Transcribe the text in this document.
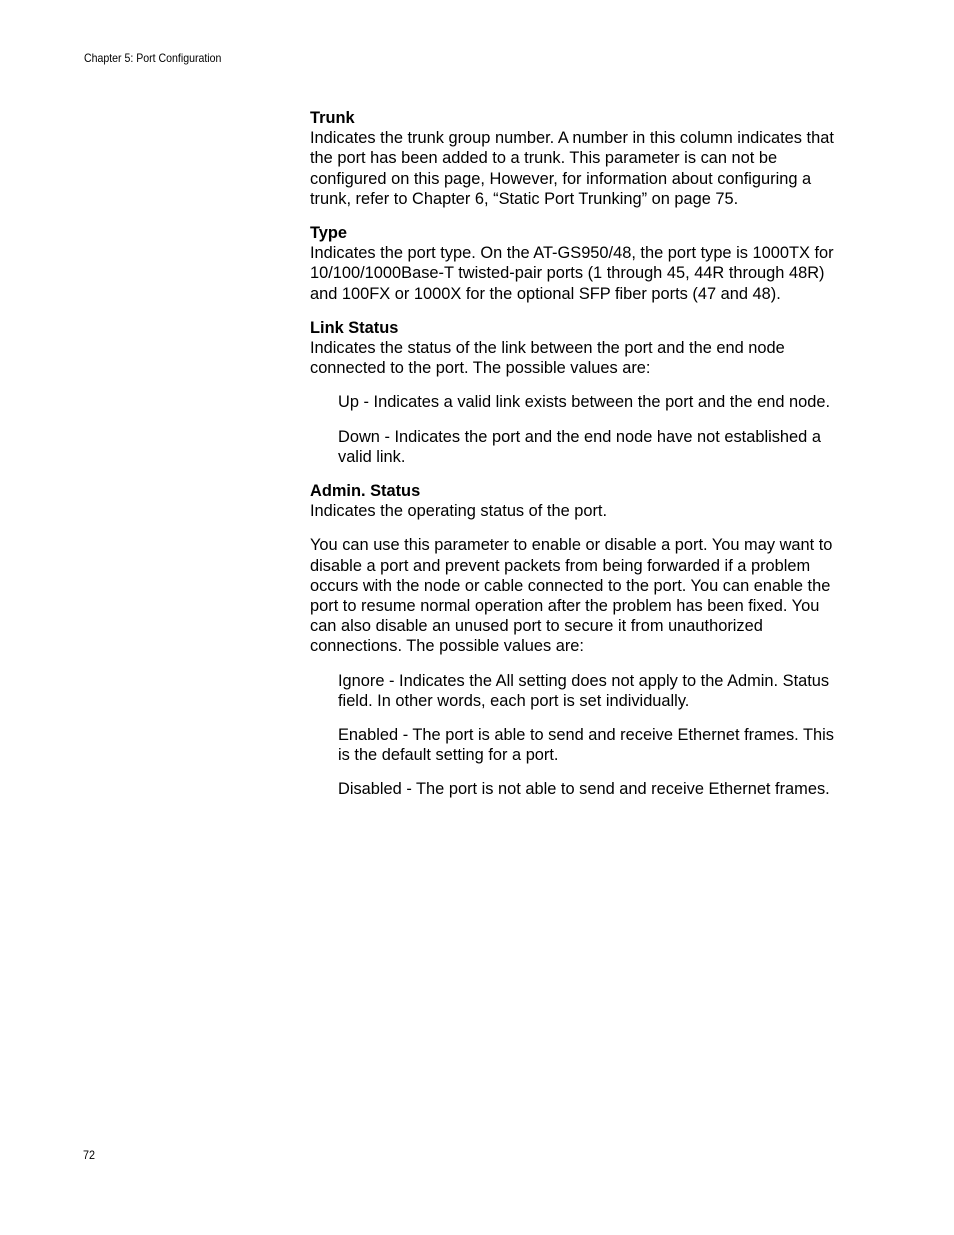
Chapter 5: Port Configuration

Trunk

Indicates the trunk group number. A number in this column indicates that the port has been added to a trunk. This parameter is can not be configured on this page, However, for information about configuring a trunk, refer to Chapter 6, “Static Port Trunking” on page 75.

Type

Indicates the port type. On the AT-GS950/48, the port type is 1000TX for 10/100/1000Base-T twisted-pair ports (1 through 45, 44R through 48R) and 100FX or 1000X for the optional SFP fiber ports (47 and 48).

Link Status

Indicates the status of the link between the port and the end node connected to the port. The possible values are:

Up - Indicates a valid link exists between the port and the end node.

Down - Indicates the port and the end node have not established a valid link.

Admin. Status

Indicates the operating status of the port.

You can use this parameter to enable or disable a port. You may want to disable a port and prevent packets from being forwarded if a problem occurs with the node or cable connected to the port. You can enable the port to resume normal operation after the problem has been fixed. You can also disable an unused port to secure it from unauthorized connections. The possible values are:

Ignore - Indicates the All setting does not apply to the Admin. Status field. In other words, each port is set individually.

Enabled - The port is able to send and receive Ethernet frames. This is the default setting for a port.

Disabled - The port is not able to send and receive Ethernet frames.

72
